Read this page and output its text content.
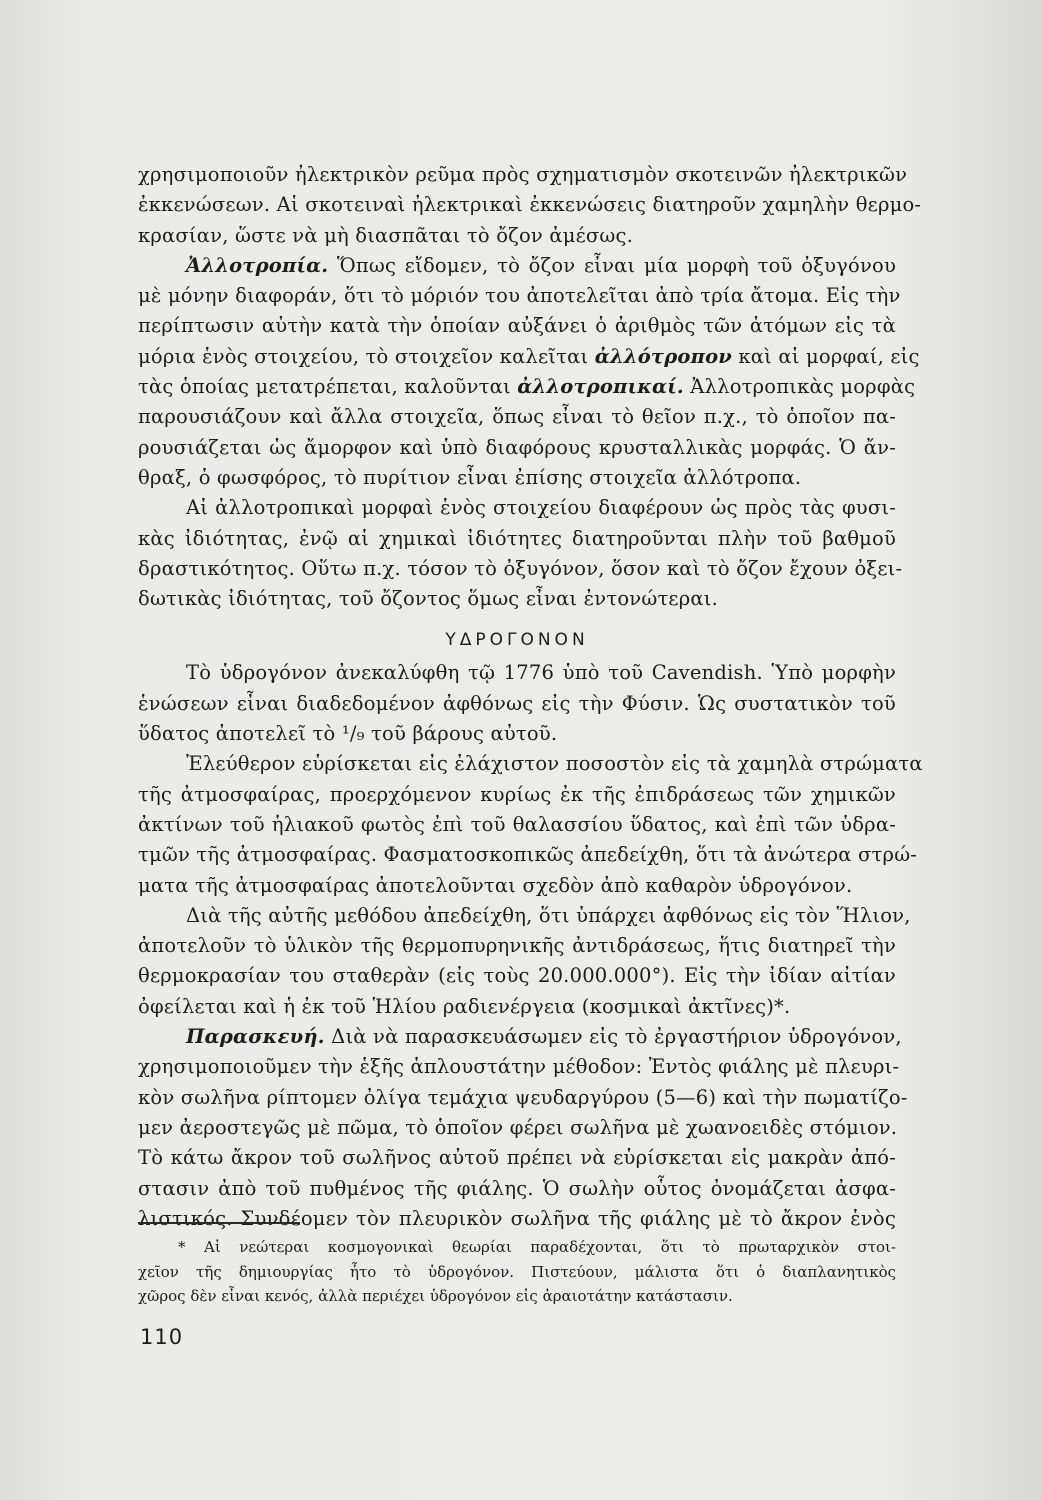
χρησιμοποιοῦν ἠλεκτρικὸν ρεῦμα πρὸς σχηματισμὸν σκοτεινῶν ἠλεκτρικῶν
ἐκκενώσεων. Αἱ σκοτειναὶ ἠλεκτρικαὶ ἐκκενώσεις διατηροῦν χαμηλὴν θερμο-
κρασίαν, ὥστε νὰ μὴ διασπᾶται τὸ ὄζον ἀμέσως.
Ἀλλοτροπία. Ὅπως εἴδομεν, τὸ ὄζον εἶναι μία μορφὴ τοῦ ὀξυγόνου
μὲ μόνην διαφοράν, ὅτι τὸ μόριόν του ἀποτελεῖται ἀπὸ τρία ἄτομα. Εἰς τὴν
περίπτωσιν αὐτὴν κατὰ τὴν ὁποίαν αὐξάνει ὁ ἀριθμὸς τῶν ἀτόμων εἰς τὰ
μόρια ἑνὸς στοιχείου, τὸ στοιχεῖον καλεῖται ἀλλότροπον καὶ αἱ μορφαί, εἰς
τὰς ὁποίας μετατρέπεται, καλοῦνται ἀλλοτροπικαί. Ἀλλοτροπικὰς μορφὰς
παρουσιάζουν καὶ ἄλλα στοιχεῖα, ὅπως εἶναι τὸ θεῖον π.χ., τὸ ὁποῖον πα-
ρουσιάζεται ὡς ἄμορφον καὶ ὑπὸ διαφόρους κρυσταλλικὰς μορφάς. Ὁ ἄν-
θραξ, ὁ φωσφόρος, τὸ πυρίτιον εἶναι ἐπίσης στοιχεῖα ἀλλότροπα.
Αἱ ἀλλοτροπικαὶ μορφαὶ ἑνὸς στοιχείου διαφέρουν ὡς πρὸς τὰς φυσι-
κὰς ἰδιότητας, ἐνῷ αἱ χημικαὶ ἰδιότητες διατηροῦνται πλὴν τοῦ βαθμοῦ
δραστικότητος. Οὕτω π.χ. τόσον τὸ ὀξυγόνον, ὅσον καὶ τὸ ὄζον ἔχουν ὀξει-
δωτικὰς ἰδιότητας, τοῦ ὄζοντος ὅμως εἶναι ἐντονώτεραι.
ΥΔΡΟΓΟΝΟΝ
Τὸ ὑδρογόνον ἀνεκαλύφθη τῷ 1776 ὑπὸ τοῦ Cavendish. Ὑπὸ μορφὴν
ἑνώσεων εἶναι διαδεδομένον ἀφθόνως εἰς τὴν Φύσιν. Ὡς συστατικὸν τοῦ
ὕδατος ἀποτελεῖ τὸ ¹/₉ τοῦ βάρους αὐτοῦ.
Ἐλεύθερον εὑρίσκεται εἰς ἐλάχιστον ποσοστὸν εἰς τὰ χαμηλὰ στρώματα
τῆς ἀτμοσφαίρας, προερχόμενον κυρίως ἐκ τῆς ἐπιδράσεως τῶν χημικῶν
ἀκτίνων τοῦ ἡλιακοῦ φωτὸς ἐπὶ τοῦ θαλασσίου ὕδατος, καὶ ἐπὶ τῶν ὑδρα-
τμῶν τῆς ἀτμοσφαίρας. Φασματοσκοπικῶς ἀπεδείχθη, ὅτι τὰ ἀνώτερα στρώ-
ματα τῆς ἀτμοσφαίρας ἀποτελοῦνται σχεδὸν ἀπὸ καθαρὸν ὑδρογόνον.
Διὰ τῆς αὐτῆς μεθόδου ἀπεδείχθη, ὅτι ὑπάρχει ἀφθόνως εἰς τὸν Ἥλιον,
ἀποτελοῦν τὸ ὑλικὸν τῆς θερμοπυρηνικῆς ἀντιδράσεως, ἥτις διατηρεῖ τὴν
θερμοκρασίαν του σταθερὰν (εἰς τοὺς 20.000.000°). Εἰς τὴν ἰδίαν αἰτίαν
ὀφείλεται καὶ ἡ ἐκ τοῦ Ἡλίου ραδιενέργεια (κοσμικαὶ ἀκτῖνες)*.
Παρασκευή. Διὰ νὰ παρασκευάσωμεν εἰς τὸ ἐργαστήριον ὑδρογόνον,
χρησιμοποιοῦμεν τὴν ἑξῆς ἁπλουστάτην μέθοδον: Ἐντὸς φιάλης μὲ πλευρι-
κὸν σωλῆνα ρίπτομεν ὀλίγα τεμάχια ψευδαργύρου (5—6) καὶ τὴν πωματίζο-
μεν ἀεροστεγῶς μὲ πῶμα, τὸ ὁποῖον φέρει σωλῆνα μὲ χωανοειδὲς στόμιον.
Τὸ κάτω ἄκρον τοῦ σωλῆνος αὐτοῦ πρέπει νὰ εὑρίσκεται εἰς μακρὰν ἀπό-
στασιν ἀπὸ τοῦ πυθμένος τῆς φιάλης. Ὁ σωλὴν οὗτος ὀνομάζεται ἀσφα-
λιστικός. Συνδέομεν τὸν πλευρικὸν σωλῆνα τῆς φιάλης μὲ τὸ ἄκρον ἑνὸς
* Αἱ νεώτεραι κοσμογονικαὶ θεωρίαι παραδέχονται, ὅτι τὸ πρωταρχικὸν στοι-
χεῖον τῆς δημιουργίας ἦτο τὸ ὑδρογόνον. Πιστεύουν, μάλιστα ὅτι ὁ διαπλανητικὸς
χῶρος δὲν εἶναι κενός, ἀλλὰ περιέχει ὑδρογόνον εἰς ἀραιοτάτην κατάστασιν.
110
